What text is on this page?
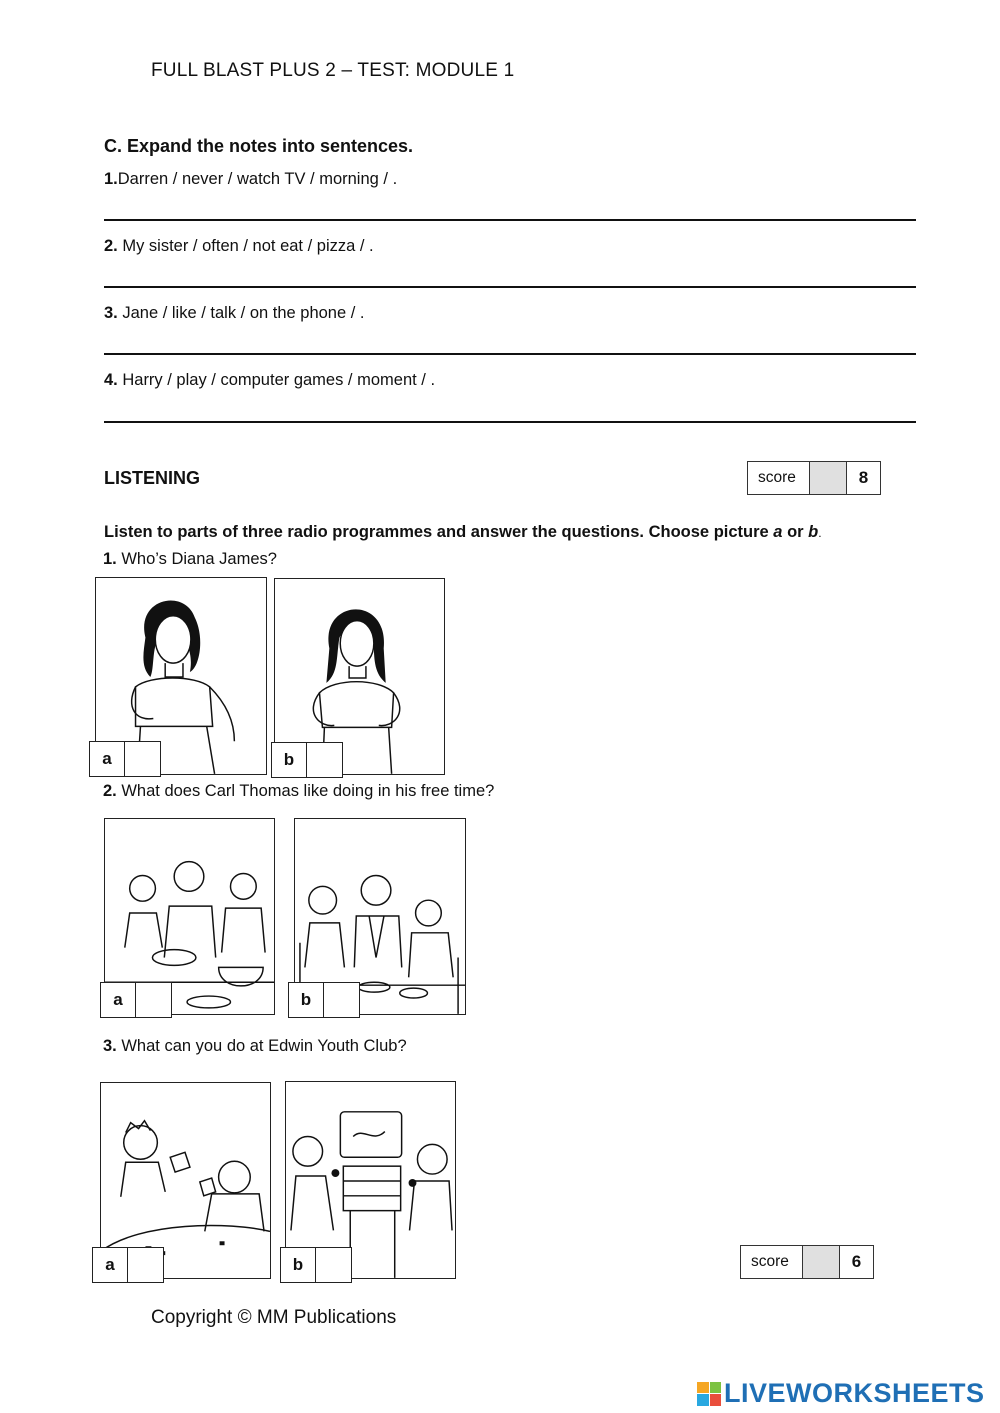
FULL BLAST PLUS 2 – TEST: MODULE 1
C. Expand the notes into sentences.
1.Darren / never / watch TV / morning / .
2. My sister / often / not eat / pizza / .
3. Jane / like / talk / on the phone / .
4. Harry / play / computer games / moment / .
LISTENING	score	8
Listen to parts of three radio programmes and answer the questions. Choose picture a or b.
1. Who’s Diana James?
a	b
2. What does Carl Thomas like doing in his free time?
a	b
3. What can you do at Edwin Youth Club?
a	b	score	6
Copyright © MM Publications
LIVEWORKSHEETS
